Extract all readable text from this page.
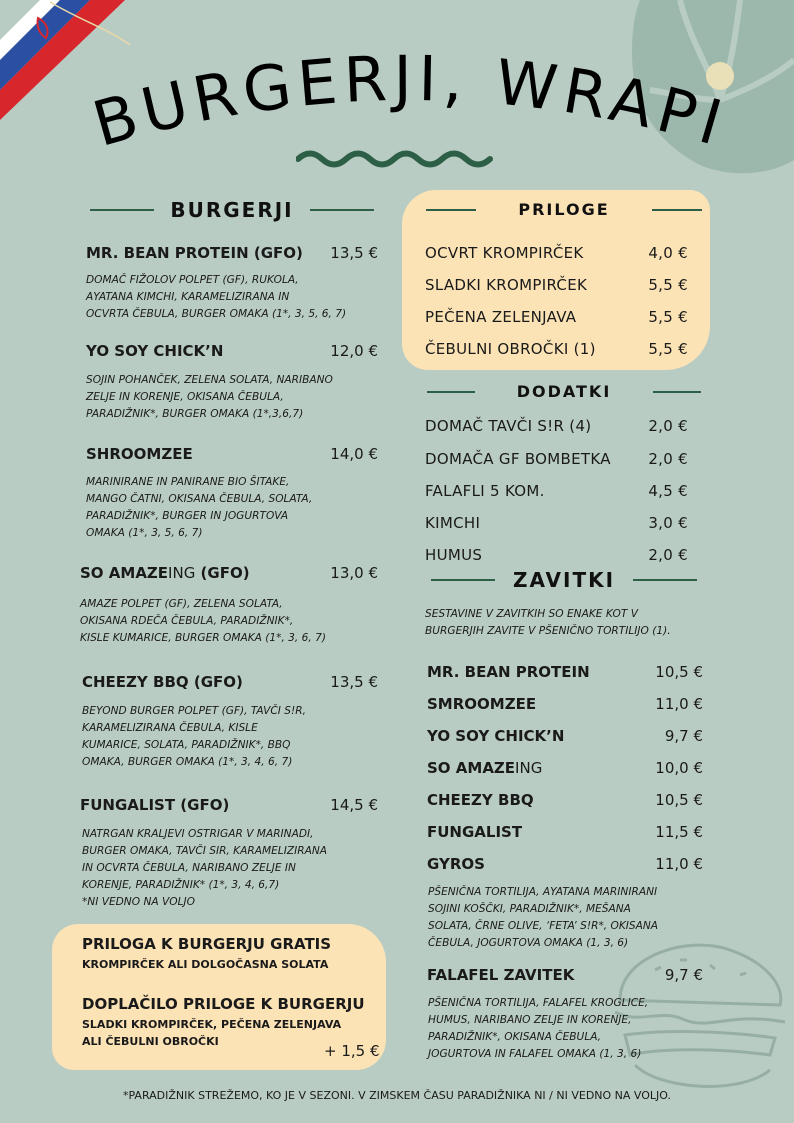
BURGERJI, WRAPI
BURGERJI
MR. BEAN PROTEIN (GFO) 13,5 €
DOMAČ FIŽOLOV POLPET (GF), RUKOLA,
AYATANA KIMCHI, KARAMELIZIRANA IN
OCVRTA ČEBULA, BURGER OMAKA (1*, 3, 5, 6, 7)
YO SOY CHICK’N	12,0 €
SOJIN POHANČEK, ZELENA SOLATA, NARIBANO
ZELJE IN KORENJE, OKISANA ČEBULA,
PARADIŽNIK*, BURGER OMAKA (1*,3,6,7)
SHROOMZEE	14,0 €
MARINIRANE IN PANIRANE BIO ŠITAKE,
MANGO ČATNI, OKISANA ČEBULA, SOLATA,
PARADIŽNIK*, BURGER IN JOGURTOVA
OMAKA (1*, 3, 5, 6, 7)
SO AMAZEING (GFO)	13,0 €
AMAZE POLPET (GF), ZELENA SOLATA,
OKISANA RDEČA ČEBULA, PARADIŽNIK*,
KISLE KUMARICE, BURGER OMAKA (1*, 3, 6, 7)
CHEEZY BBQ (GFO)	13,5 €
BEYOND BURGER POLPET (GF), TAVČI S!R,
KARAMELIZIRANA ČEBULA, KISLE
KUMARICE, SOLATA, PARADIŽNIK*, BBQ
OMAKA, BURGER OMAKA (1*, 3, 4, 6, 7)
FUNGALIST (GFO)	14,5 €
NATRGAN KRALJEVI OSTRIGAR V MARINADI,
BURGER OMAKA, TAVČI SIR, KARAMELIZIRANA
IN OCVRTA ČEBULA, NARIBANO ZELJE IN
KORENJE, PARADIŽNIK* (1*, 3, 4, 6,7)
*NI VEDNO NA VOLJO
PRILOGA K BURGERJU GRATIS
KROMPIRČEK ALI DOLGOČASNA SOLATA
DOPLAČILO PRILOGE K BURGERJU
SLADKI KROMPIRČEK, PEČENA ZELENJAVA
ALI ČEBULNI OBROČKI
+ 1,5 €
PRILOGE
OCVRT KROMPIRČEK	4,0 €
SLADKI KROMPIRČEK	5,5 €
PEČENA ZELENJAVA	5,5 €
ČEBULNI OBROČKI (1)	5,5 €
DODATKI
DOMAČ TAVČI S!R (4)	2,0 €
DOMAČA GF BOMBETKA	2,0 €
FALAFLI 5 KOM.	4,5 €
KIMCHI	3,0 €
HUMUS	2,0 €
ZAVITKI
SESTAVINE V ZAVITKIH SO ENAKE KOT V
BURGERJIH ZAVITE V PŠENIČNO TORTILIJO (1).
MR. BEAN PROTEIN	10,5 €
SMROOMZEE	11,0 €
YO SOY CHICK’N	9,7 €
SO AMAZEING	10,0 €
CHEEZY BBQ	10,5 €
FUNGALIST	11,5 €
GYROS	11,0 €
PŠENIČNA TORTILIJA, AYATANA MARINIRANI
SOJINI KOŠČKI, PARADIŽNIK*, MEŠANA
SOLATA, ČRNE OLIVE, ‘FETA’ S!R*, OKISANA
ČEBULA, JOGURTOVA OMAKA (1, 3, 6)
FALAFEL ZAVITEK	9,7 €
PŠENIČNA TORTILIJA, FALAFEL KROGLICE,
HUMUS, NARIBANO ZELJE IN KORENJE,
PARADIŽNIK*, OKISANA ČEBULA,
JOGURTOVA IN FALAFEL OMAKA (1, 3, 6)
*PARADIŽNIK STREŽEMO, KO JE V SEZONI. V ZIMSKEM ČASU PARADIŽNIKA NI / NI VEDNO NA VOLJO.
